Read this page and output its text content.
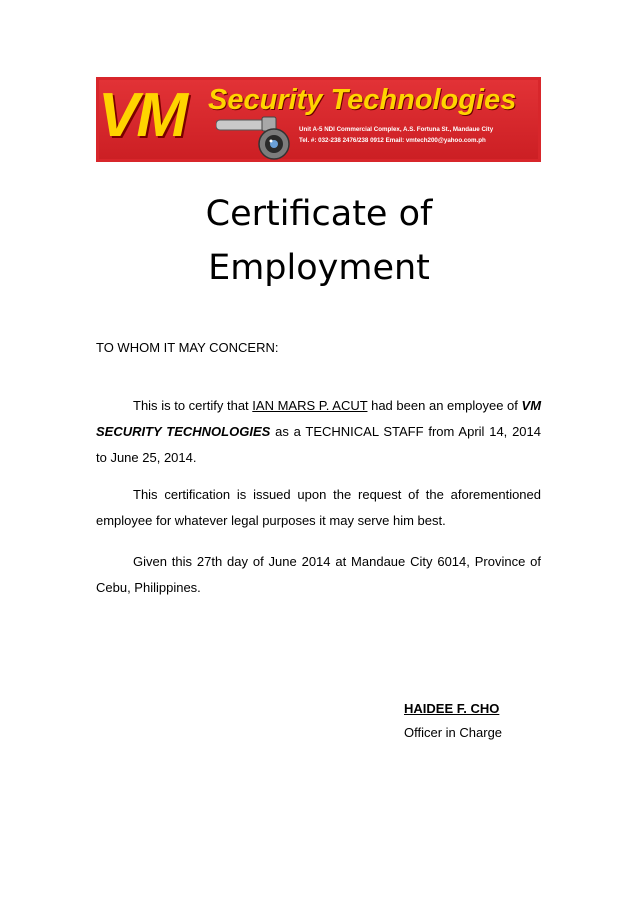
VM Security Technologies
Unit A-5 NDI Commercial Complex, A.S. Fortuna St., Mandaue City
Tel. #: 032-238 2476/238 0912 Email: vmtech200@yahoo.com.ph
Certificate of
Employment
TO WHOM IT MAY CONCERN:
This is to certify that IAN MARS P. ACUT had been an employee of VM SECURITY TECHNOLOGIES as a TECHNICAL STAFF from April 14, 2014 to June 25, 2014.
This certification is issued upon the request of the aforementioned employee for whatever legal purposes it may serve him best.
Given this 27th day of June 2014 at Mandaue City 6014, Province of Cebu, Philippines.
HAIDEE F. CHO
Officer in Charge
